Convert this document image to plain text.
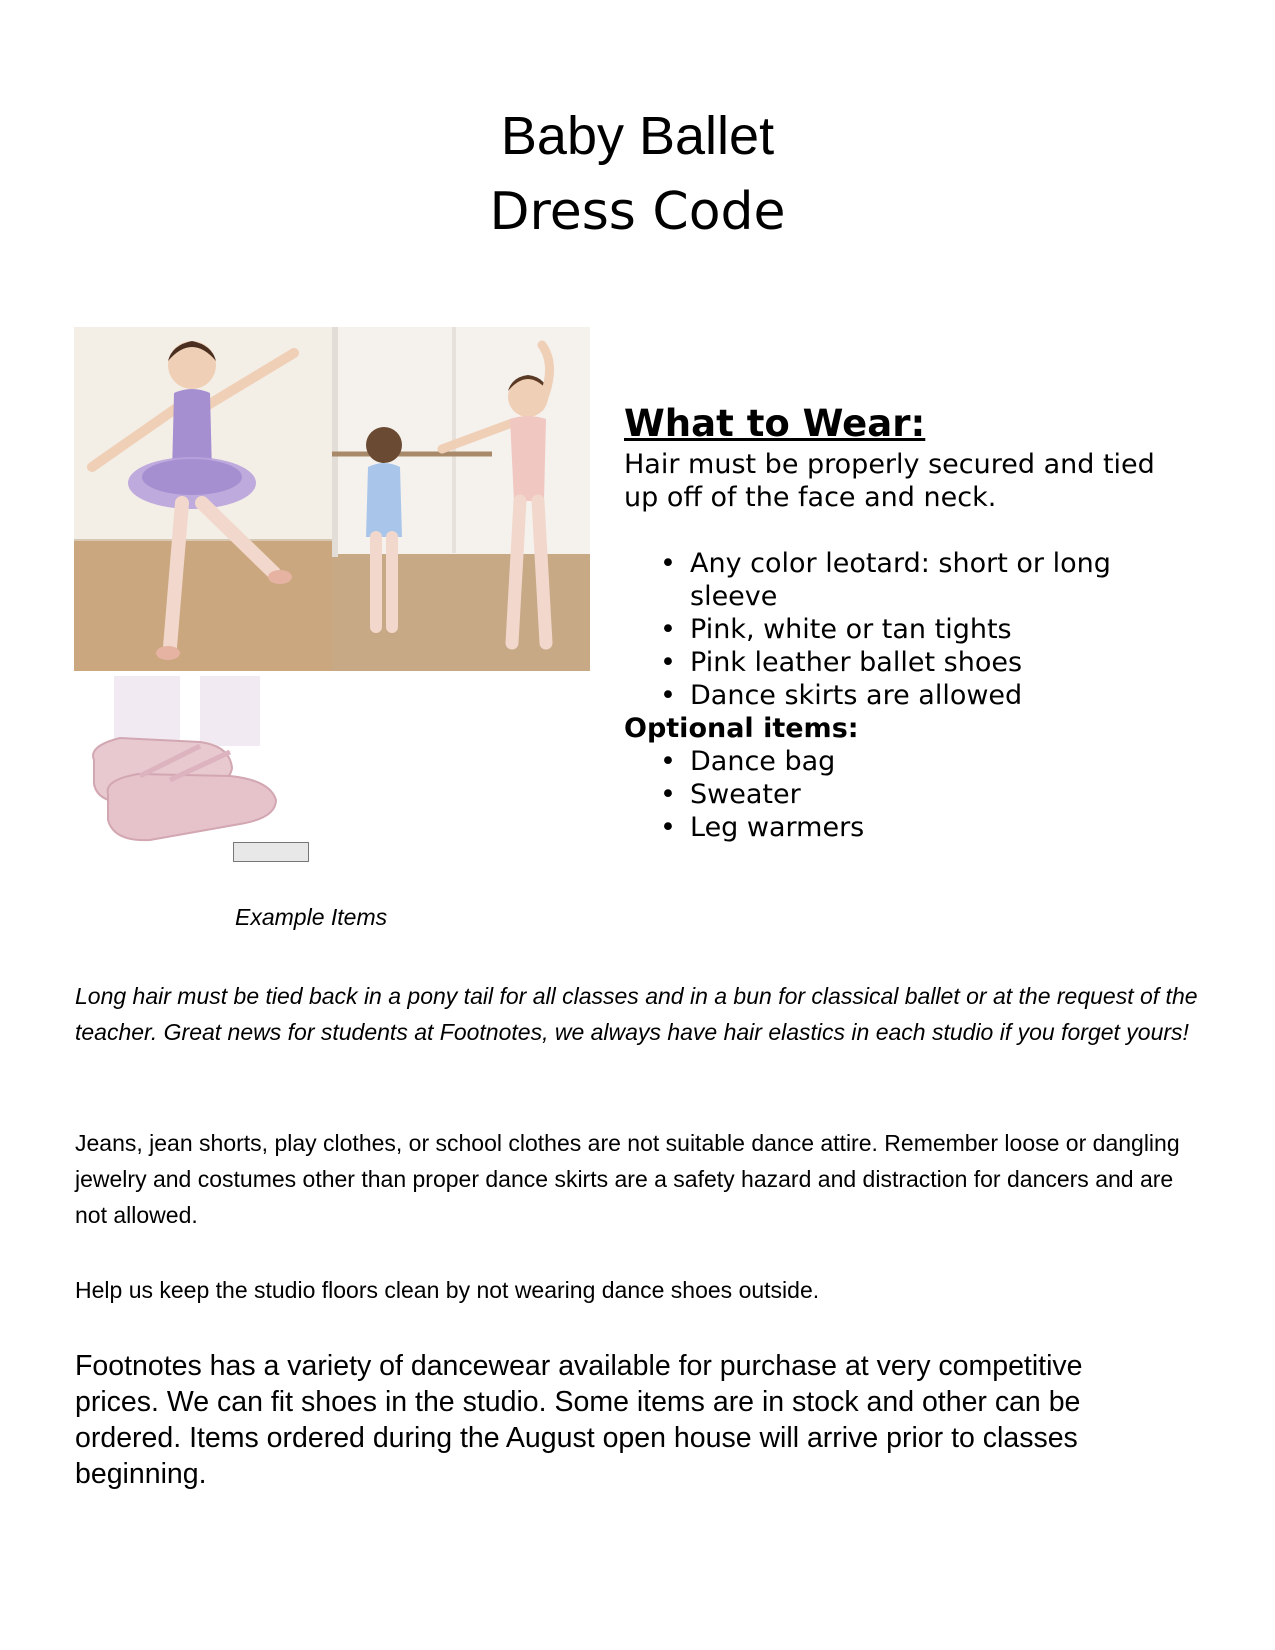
Baby Ballet
Dress Code
What to Wear:
Hair must be properly secured and tied up off of the face and neck.
• Any color leotard: short or long sleeve
• Pink, white or tan tights
• Pink leather ballet shoes
• Dance skirts are allowed
Optional items:
• Dance bag
• Sweater
• Leg warmers
Example Items

Long hair must be tied back in a pony tail for all classes and in a bun for classical ballet or at the request of the teacher. Great news for students at Footnotes, we always have hair elastics in each studio if you forget yours!

Jeans, jean shorts, play clothes, or school clothes are not suitable dance attire. Remember loose or dangling jewelry and costumes other than proper dance skirts are a safety hazard and distraction for dancers and are not allowed.

Help us keep the studio floors clean by not wearing dance shoes outside.

Footnotes has a variety of dancewear available for purchase at very competitive prices. We can fit shoes in the studio. Some items are in stock and other can be ordered. Items ordered during the August open house will arrive prior to classes beginning.
